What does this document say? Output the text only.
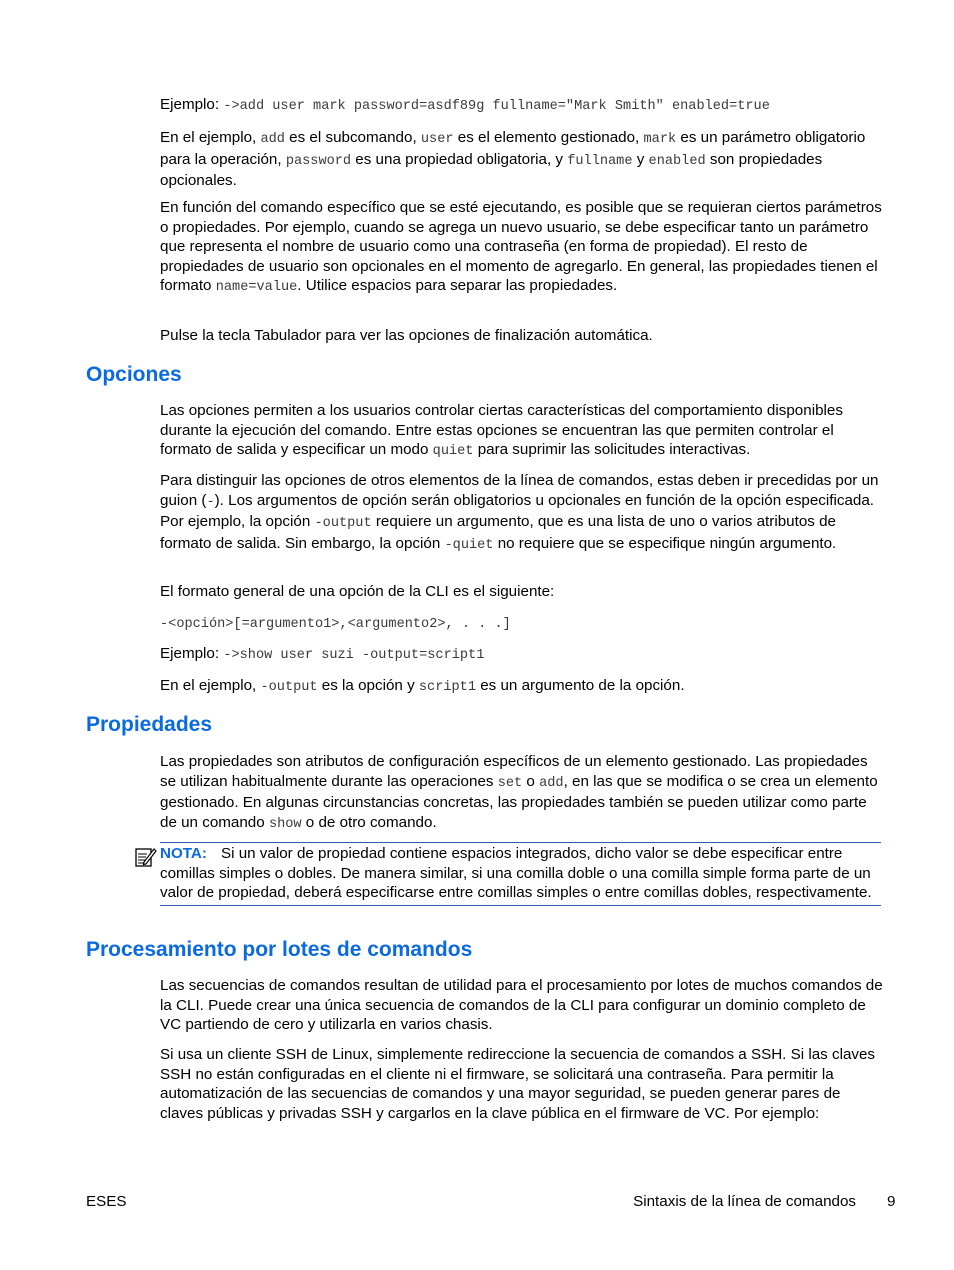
Ejemplo: ->add user mark password=asdf89g fullname="Mark Smith" enabled=true

En el ejemplo, add es el subcomando, user es el elemento gestionado, mark es un parámetro obligatorio para la operación, password es una propiedad obligatoria, y fullname y enabled son propiedades opcionales.

En función del comando específico que se esté ejecutando, es posible que se requieran ciertos parámetros o propiedades. Por ejemplo, cuando se agrega un nuevo usuario, se debe especificar tanto un parámetro que representa el nombre de usuario como una contraseña (en forma de propiedad). El resto de propiedades de usuario son opcionales en el momento de agregarlo. En general, las propiedades tienen el formato name=value. Utilice espacios para separar las propiedades.

Pulse la tecla Tabulador para ver las opciones de finalización automática.

Opciones

Las opciones permiten a los usuarios controlar ciertas características del comportamiento disponibles durante la ejecución del comando. Entre estas opciones se encuentran las que permiten controlar el formato de salida y especificar un modo quiet para suprimir las solicitudes interactivas.

Para distinguir las opciones de otros elementos de la línea de comandos, estas deben ir precedidas por un guion (-). Los argumentos de opción serán obligatorios u opcionales en función de la opción especificada. Por ejemplo, la opción -output requiere un argumento, que es una lista de uno o varios atributos de formato de salida. Sin embargo, la opción -quiet no requiere que se especifique ningún argumento.

El formato general de una opción de la CLI es el siguiente:

-<opción>[=argumento1>,<argumento2>, . . .]

Ejemplo: ->show user suzi -output=script1

En el ejemplo, -output es la opción y script1 es un argumento de la opción.

Propiedades

Las propiedades son atributos de configuración específicos de un elemento gestionado. Las propiedades se utilizan habitualmente durante las operaciones set o add, en las que se modifica o se crea un elemento gestionado. En algunas circunstancias concretas, las propiedades también se pueden utilizar como parte de un comando show o de otro comando.

NOTA: Si un valor de propiedad contiene espacios integrados, dicho valor se debe especificar entre comillas simples o dobles. De manera similar, si una comilla doble o una comilla simple forma parte de un valor de propiedad, deberá especificarse entre comillas simples o entre comillas dobles, respectivamente.

Procesamiento por lotes de comandos

Las secuencias de comandos resultan de utilidad para el procesamiento por lotes de muchos comandos de la CLI. Puede crear una única secuencia de comandos de la CLI para configurar un dominio completo de VC partiendo de cero y utilizarla en varios chasis.

Si usa un cliente SSH de Linux, simplemente redireccione la secuencia de comandos a SSH. Si las claves SSH no están configuradas en el cliente ni el firmware, se solicitará una contraseña. Para permitir la automatización de las secuencias de comandos y una mayor seguridad, se pueden generar pares de claves públicas y privadas SSH y cargarlos en la clave pública en el firmware de VC. Por ejemplo:

ESES	Sintaxis de la línea de comandos 9
